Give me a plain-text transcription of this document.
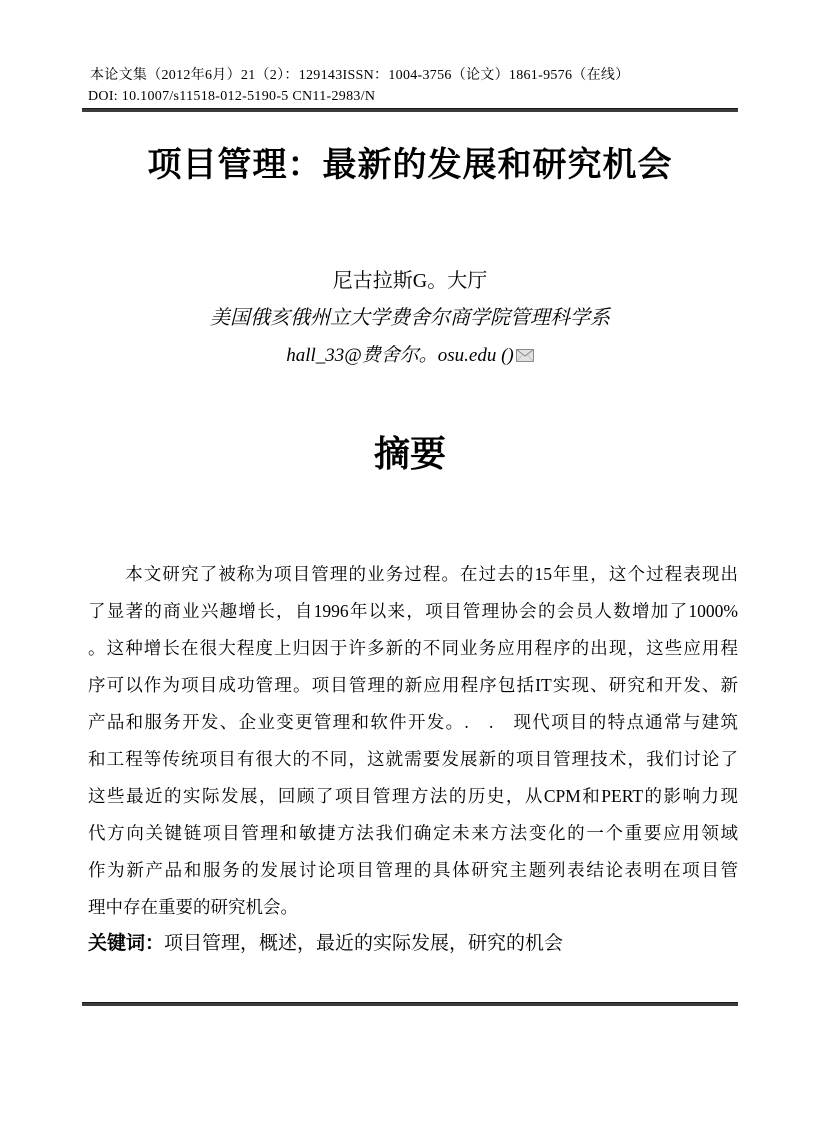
本论文集（2012年6月）21（2）：129143ISSN：1004-3756（论文）1861-9576（在线）
DOI: 10.1007/s11518-012-5190-5 CN11-2983/N
项目管理：最新的发展和研究机会
尼古拉斯G。大厅
美国俄亥俄州立大学费舍尔商学院管理科学系
hall_33@费舍尔。osu.edu ()
摘要
　　本文研究了被称为项目管理的业务过程。在过去的15年里，这个过程表现出
了显著的商业兴趣增长，自1996年以来，项目管理协会的会员人数增加了1000%
。这种增长在很大程度上归因于许多新的不同业务应用程序的出现，这些应用程
序可以作为项目成功管理。项目管理的新应用程序包括IT实现、研究和开发、新
产品和服务开发、企业变更管理和软件开发。.　.　现代项目的特点通常与建筑
和工程等传统项目有很大的不同，这就需要发展新的项目管理技术，我们讨论了
这些最近的实际发展，回顾了项目管理方法的历史，从CPM和PERT的影响力现
代方向关键链项目管理和敏捷方法我们确定未来方法变化的一个重要应用领域
作为新产品和服务的发展讨论项目管理的具体研究主题列表结论表明在项目管
理中存在重要的研究机会。
关键词：项目管理，概述，最近的实际发展，研究的机会
